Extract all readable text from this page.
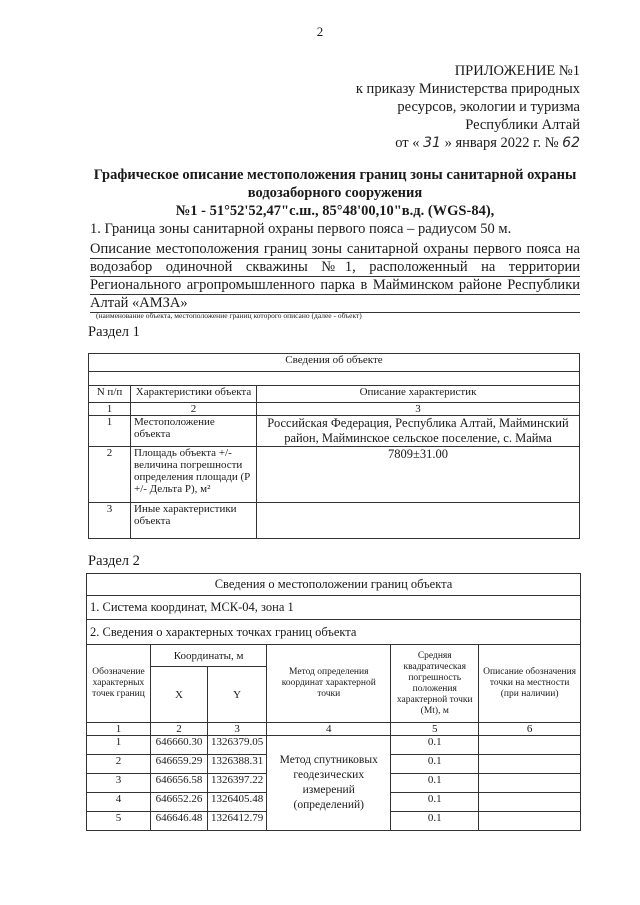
2
ПРИЛОЖЕНИЕ №1
к приказу Министерства природных
ресурсов, экологии и туризма
Республики Алтай
от « 31 » января 2022 г. № 62
Графическое описание местоположения границ зоны санитарной охраны
водозаборного сооружения
№1 - 51°52'52,47"с.ш., 85°48'00,10"в.д. (WGS-84),
1. Граница зоны санитарной охраны первого пояса – радиусом 50 м.
Описание местоположения границ зоны санитарной охраны первого пояса на
водозабор одиночной скважины №1, расположенный на территории
Регионального агропромышленного парка в Майминском районе Республики
Алтай «АМЗА»
(наименование объекта, местоположение границ которого описано (далее - объект)
Раздел 1
Сведения об объекте		

N п/п	Характеристики объекта	Описание характеристик
1	2	3
1	Местоположение объекта	Российская Федерация, Республика Алтай, Майминский район, Майминское сельское поселение, с. Майма
2	Площадь объекта +/- величина погрешности определения площади (Р +/- Дельта Р), м²	7809±31.00
3	Иные характеристики объекта	
Раздел 2
Сведения о местоположении границ объекта					
1. Система координат, МСК-04, зона 1					
2. Сведения о характерных точках границ объекта					
Обозначение характерных точек границ	Координаты, м		Метод определения координат характерной точки	Средняя квадратическая погрешность положения характерной точки (Mt), м	Описание обозначения точки на местности (при наличии)
	X	Y			
1	2	3	4	5	6
1	646660.30	1326379.05	Метод спутниковых геодезических измерений (определений)	0.1	
2	646659.29	1326388.31		0.1	
3	646656.58	1326397.22		0.1	
4	646652.26	1326405.48		0.1	
5	646646.48	1326412.79		0.1	
